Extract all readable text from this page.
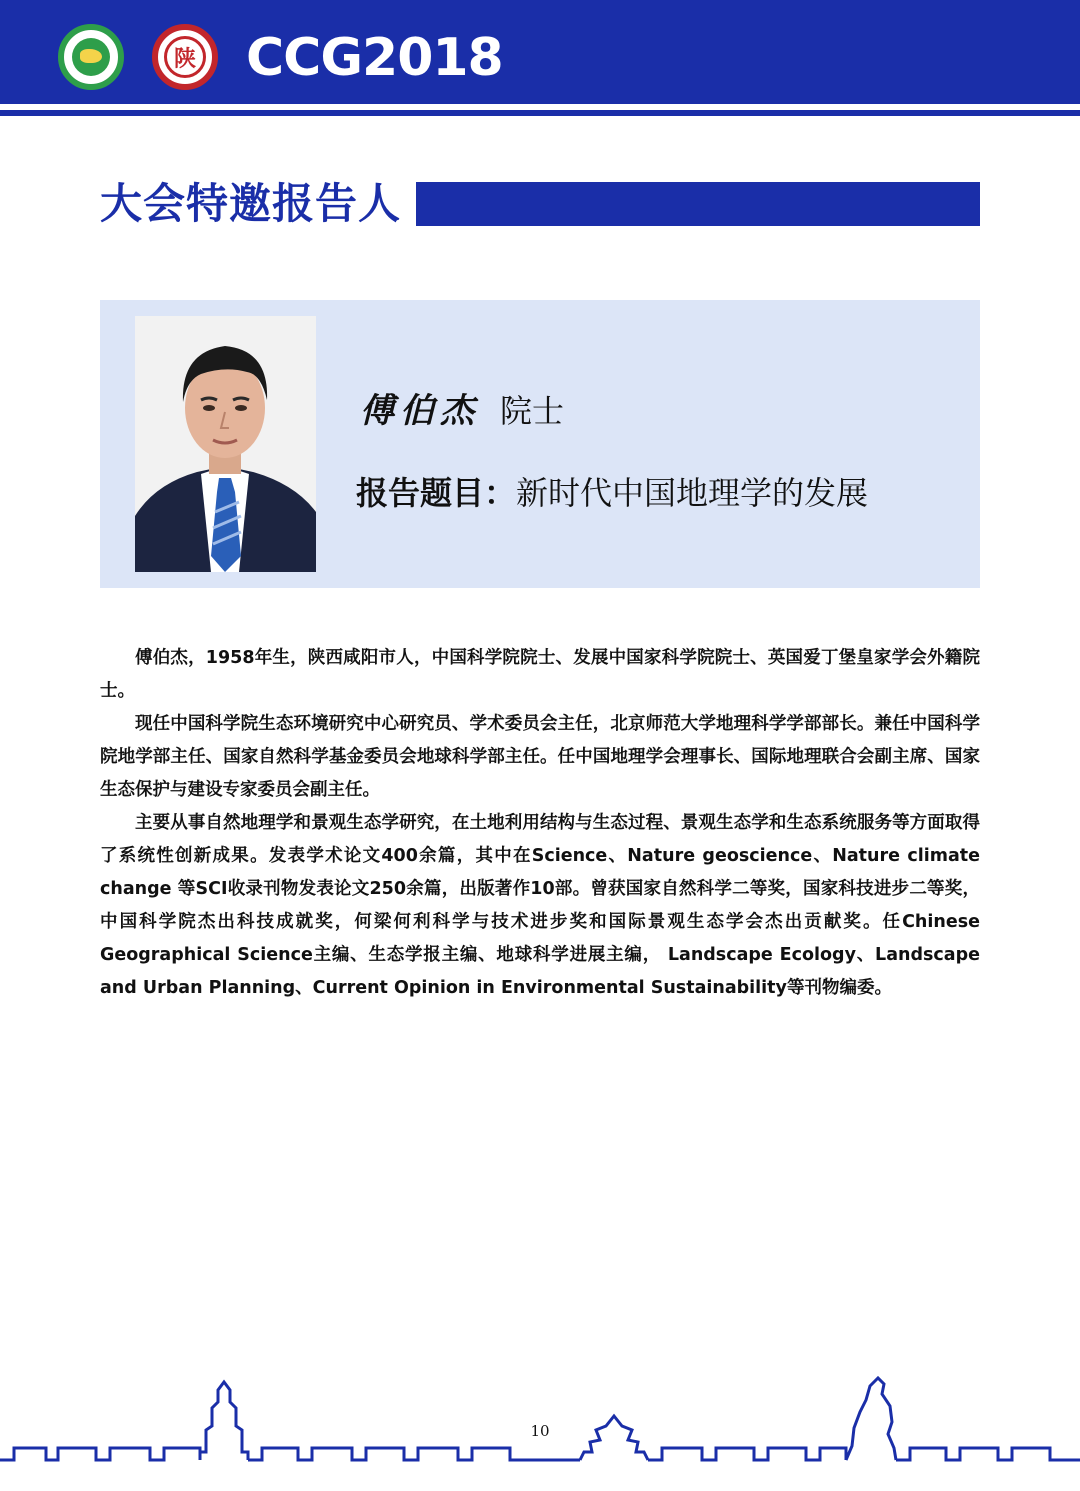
陕 CCG2018
大会特邀报告人
傅伯杰 院士
报告题目：新时代中国地理学的发展

傅伯杰，1958年生，陕西咸阳市人，中国科学院院士、发展中国家科学院院士、英国爱丁堡皇家学会外籍院士。

现任中国科学院生态环境研究中心研究员、学术委员会主任，北京师范大学地理科学学部部长。兼任中国科学院地学部主任、国家自然科学基金委员会地球科学部主任。任中国地理学会理事长、国际地理联合会副主席、国家生态保护与建设专家委员会副主任。

主要从事自然地理学和景观生态学研究，在土地利用结构与生态过程、景观生态学和生态系统服务等方面取得了系统性创新成果。发表学术论文400余篇，其中在Science、Nature geoscience、Nature climate change 等SCI收录刊物发表论文250余篇，出版著作10部。曾获国家自然科学二等奖，国家科技进步二等奖，中国科学院杰出科技成就奖，何梁何利科学与技术进步奖和国际景观生态学会杰出贡献奖。任Chinese Geographical Science主编、生态学报主编、地球科学进展主编， Landscape Ecology、Landscape and Urban Planning、Current Opinion in Environmental Sustainability等刊物编委。

10
